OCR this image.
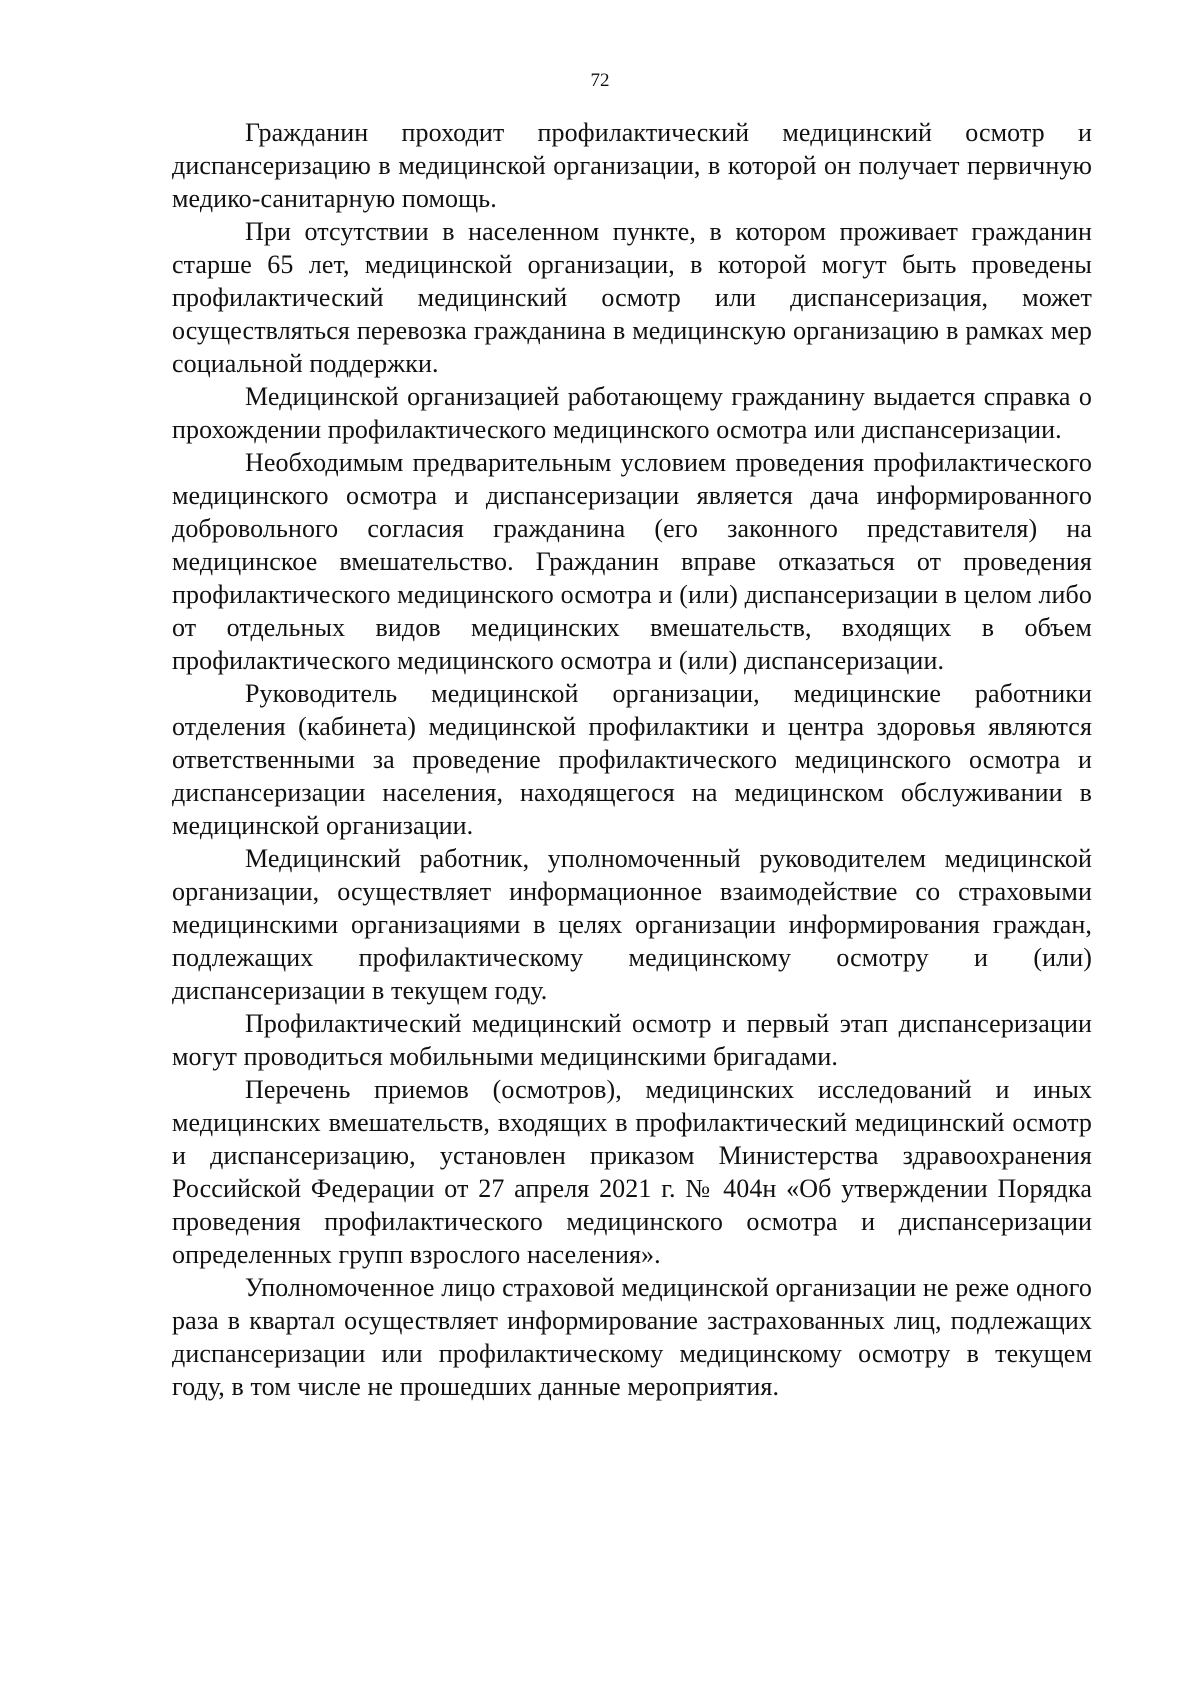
72

Гражданин проходит профилактический медицинский осмотр и диспансеризацию в медицинской организации, в которой он получает первичную медико-санитарную помощь.

При отсутствии в населенном пункте, в котором проживает гражданин старше 65 лет, медицинской организации, в которой могут быть проведены профилактический медицинский осмотр или диспансеризация, может осуществляться перевозка гражданина в медицинскую организацию в рамках мер социальной поддержки.

Медицинской организацией работающему гражданину выдается справка о прохождении профилактического медицинского осмотра или диспансеризации.

Необходимым предварительным условием проведения профилактического медицинского осмотра и диспансеризации является дача информированного добровольного согласия гражданина (его законного представителя) на медицинское вмешательство. Гражданин вправе отказаться от проведения профилактического медицинского осмотра и (или) диспансеризации в целом либо от отдельных видов медицинских вмешательств, входящих в объем профилактического медицинского осмотра и (или) диспансеризации.

Руководитель медицинской организации, медицинские работники отделения (кабинета) медицинской профилактики и центра здоровья являются ответственными за проведение профилактического медицинского осмотра и диспансеризации населения, находящегося на медицинском обслуживании в медицинской организации.

Медицинский работник, уполномоченный руководителем медицинской организации, осуществляет информационное взаимодействие со страховыми медицинскими организациями в целях организации информирования граждан, подлежащих профилактическому медицинскому осмотру и (или) диспансеризации в текущем году.

Профилактический медицинский осмотр и первый этап диспансеризации могут проводиться мобильными медицинскими бригадами.

Перечень приемов (осмотров), медицинских исследований и иных медицинских вмешательств, входящих в профилактический медицинский осмотр и диспансеризацию, установлен приказом Министерства здравоохранения Российской Федерации от 27 апреля 2021 г. № 404н «Об утверждении Порядка проведения профилактического медицинского осмотра и диспансеризации определенных групп взрослого населения».

Уполномоченное лицо страховой медицинской организации не реже одного раза в квартал осуществляет информирование застрахованных лиц, подлежащих диспансеризации или профилактическому медицинскому осмотру в текущем году, в том числе не прошедших данные мероприятия.
